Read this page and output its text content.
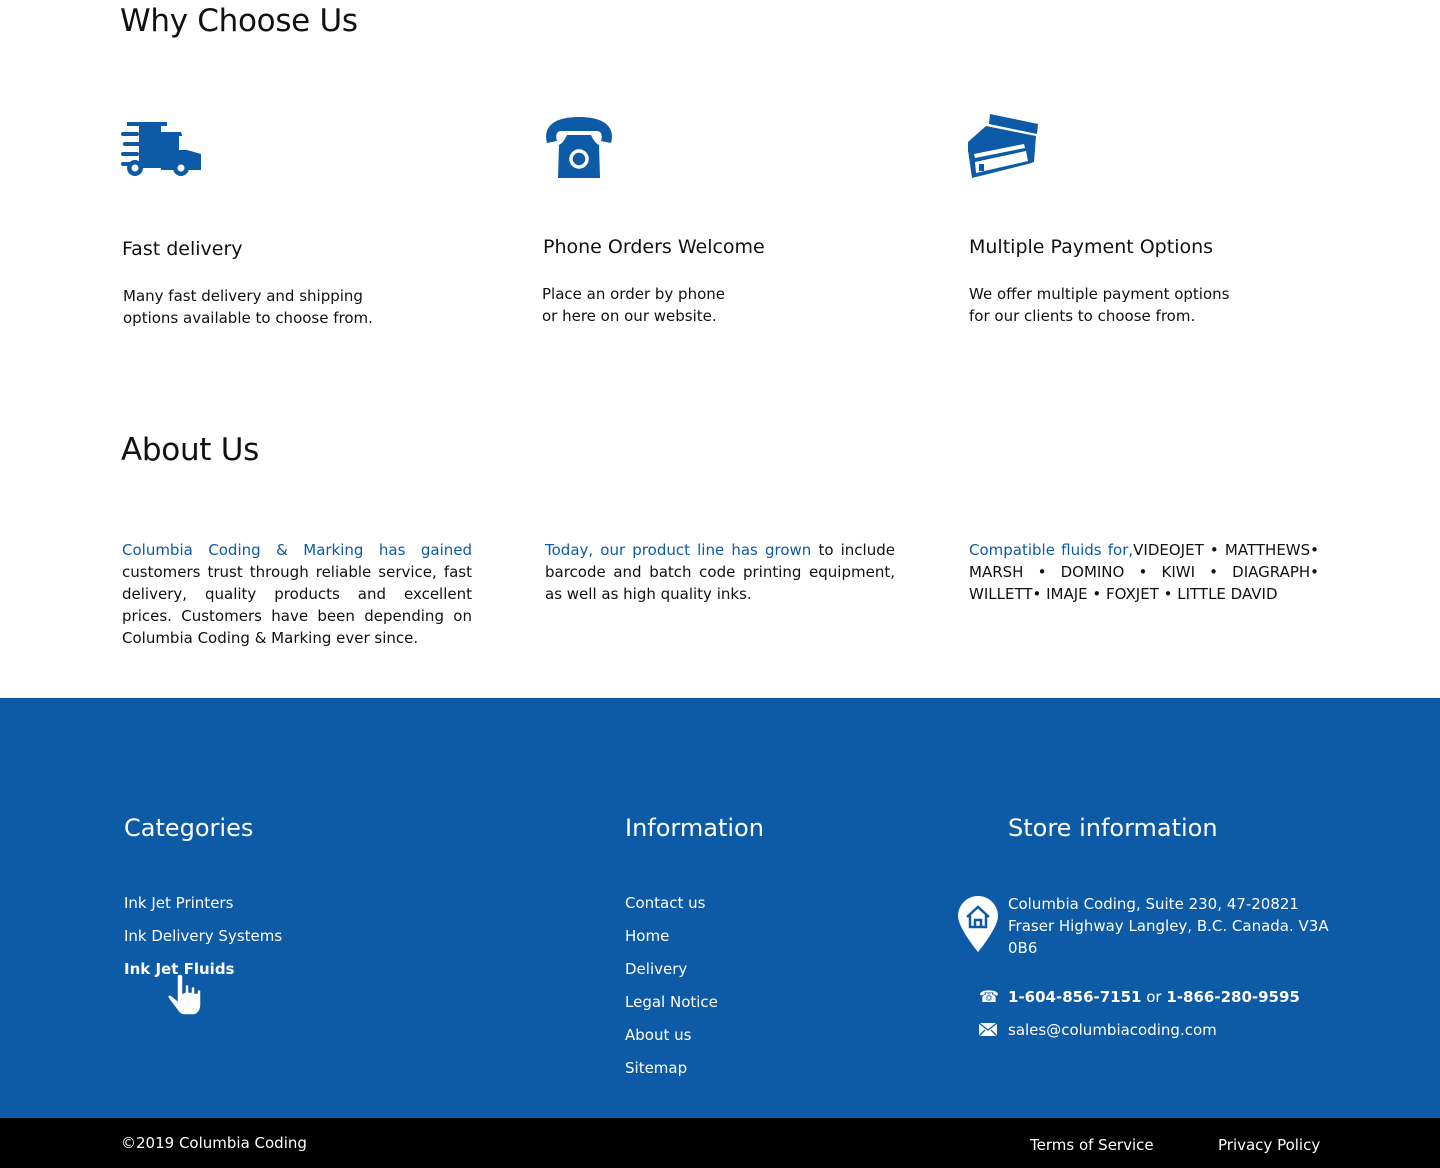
Why Choose Us
Fast delivery
Many fast delivery and shipping
options available to choose from.
Phone Orders Welcome
Place an order by phone
or here on our website.
Multiple Payment Options
We offer multiple payment options
for our clients to choose from.
About Us

Columbia Coding & Marking has gained customers trust through reliable service, fast delivery, quality products and excellent prices. Customers have been depending on Columbia Coding & Marking ever since.

Today, our product line has grown to include barcode and batch code printing equipment, as well as high quality inks.

Compatible fluids for,VIDEOJET • MATTHEWS• MARSH • DOMINO • KIWI • DIAGRAPH• WILLETT• IMAJE • FOXJET • LITTLE DAVID

Categories
Ink Jet Printers
Ink Delivery Systems
Ink Jet Fluids
Information
Contact us
Home
Delivery
Legal Notice
About us
Sitemap
Store information
Columbia Coding, Suite 230, 47-20821
Fraser Highway Langley, B.C. Canada. V3A
0B6
☎ 1-604-856-7151 or 1-866-280-9595
sales@columbiacoding.com
©2019 Columbia Coding	Terms of Service	Privacy Policy
